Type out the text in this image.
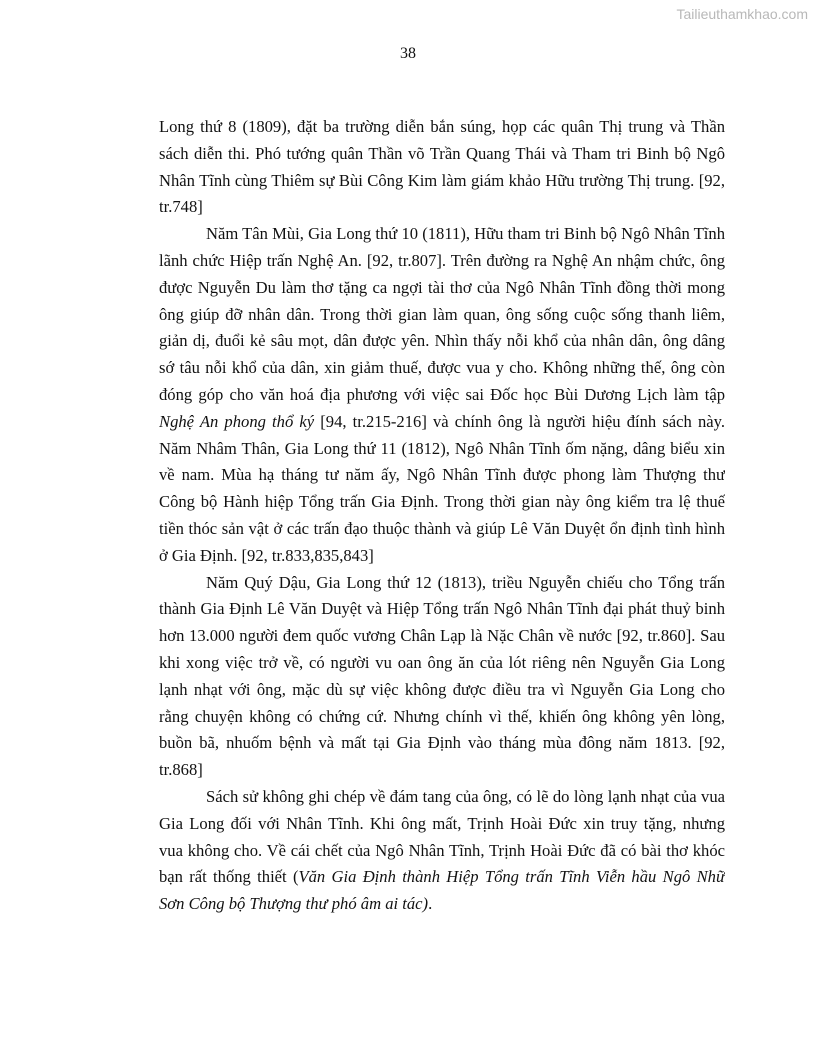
Tailieuthamkhao.com
38
Long thứ 8 (1809), đặt ba trường diễn bắn súng, họp các quân Thị trung và Thần
sách diễn thi. Phó tướng quân Thần võ Trần Quang Thái và Tham tri Binh bộ Ngô
Nhân Tĩnh cùng Thiêm sự Bùi Công Kim làm giám khảo Hữu trường Thị trung. [92,
tr.748]
Năm Tân Mùi, Gia Long thứ 10 (1811), Hữu tham tri Binh bộ Ngô Nhân Tĩnh
lãnh chức Hiệp trấn Nghệ An. [92, tr.807]. Trên đường ra Nghệ An nhậm chức, ông
được Nguyễn Du làm thơ tặng ca ngợi tài thơ của Ngô Nhân Tĩnh đồng thời mong
ông giúp đỡ nhân dân. Trong thời gian làm quan, ông sống cuộc sống thanh liêm,
giản dị, đuổi kẻ sâu mọt, dân được yên. Nhìn thấy nỗi khổ của nhân dân, ông dâng
sớ tâu nỗi khổ của dân, xin giảm thuế, được vua y cho. Không những thế, ông còn
đóng góp cho văn hoá địa phương với việc sai Đốc học Bùi Dương Lịch làm tập
Nghệ An phong thổ ký [94, tr.215-216] và chính ông là người hiệu đính sách này.
Năm Nhâm Thân, Gia Long thứ 11 (1812), Ngô Nhân Tĩnh ốm nặng, dâng biểu xin
về nam. Mùa hạ tháng tư năm ấy, Ngô Nhân Tĩnh được phong làm Thượng thư
Công bộ Hành hiệp Tổng trấn Gia Định. Trong thời gian này ông kiểm tra lệ thuế
tiền thóc sản vật ở các trấn đạo thuộc thành và giúp Lê Văn Duyệt ổn định tình hình
ở Gia Định. [92, tr.833,835,843]
Năm Quý Dậu, Gia Long thứ 12 (1813), triều Nguyễn chiếu cho Tổng trấn
thành Gia Định Lê Văn Duyệt và Hiệp Tổng trấn Ngô Nhân Tĩnh đại phát thuỷ binh
hơn 13.000 người đem quốc vương Chân Lạp là Nặc Chân về nước [92, tr.860]. Sau
khi xong việc trở về, có người vu oan ông ăn của lót riêng nên Nguyễn Gia Long
lạnh nhạt với ông, mặc dù sự việc không được điều tra vì Nguyễn Gia Long cho
rằng chuyện không có chứng cứ. Nhưng chính vì thế, khiến ông không yên lòng,
buồn bã, nhuốm bệnh và mất tại Gia Định vào tháng mùa đông năm 1813. [92,
tr.868]
Sách sử không ghi chép về đám tang của ông, có lẽ do lòng lạnh nhạt của vua
Gia Long đối với Nhân Tĩnh. Khi ông mất, Trịnh Hoài Đức xin truy tặng, nhưng
vua không cho. Về cái chết của Ngô Nhân Tĩnh, Trịnh Hoài Đức đã có bài thơ khóc
bạn rất thống thiết (Văn Gia Định thành Hiệp Tổng trấn Tĩnh Viễn hầu Ngô Nhữ
Sơn Công bộ Thượng thư phó âm ai tác).
